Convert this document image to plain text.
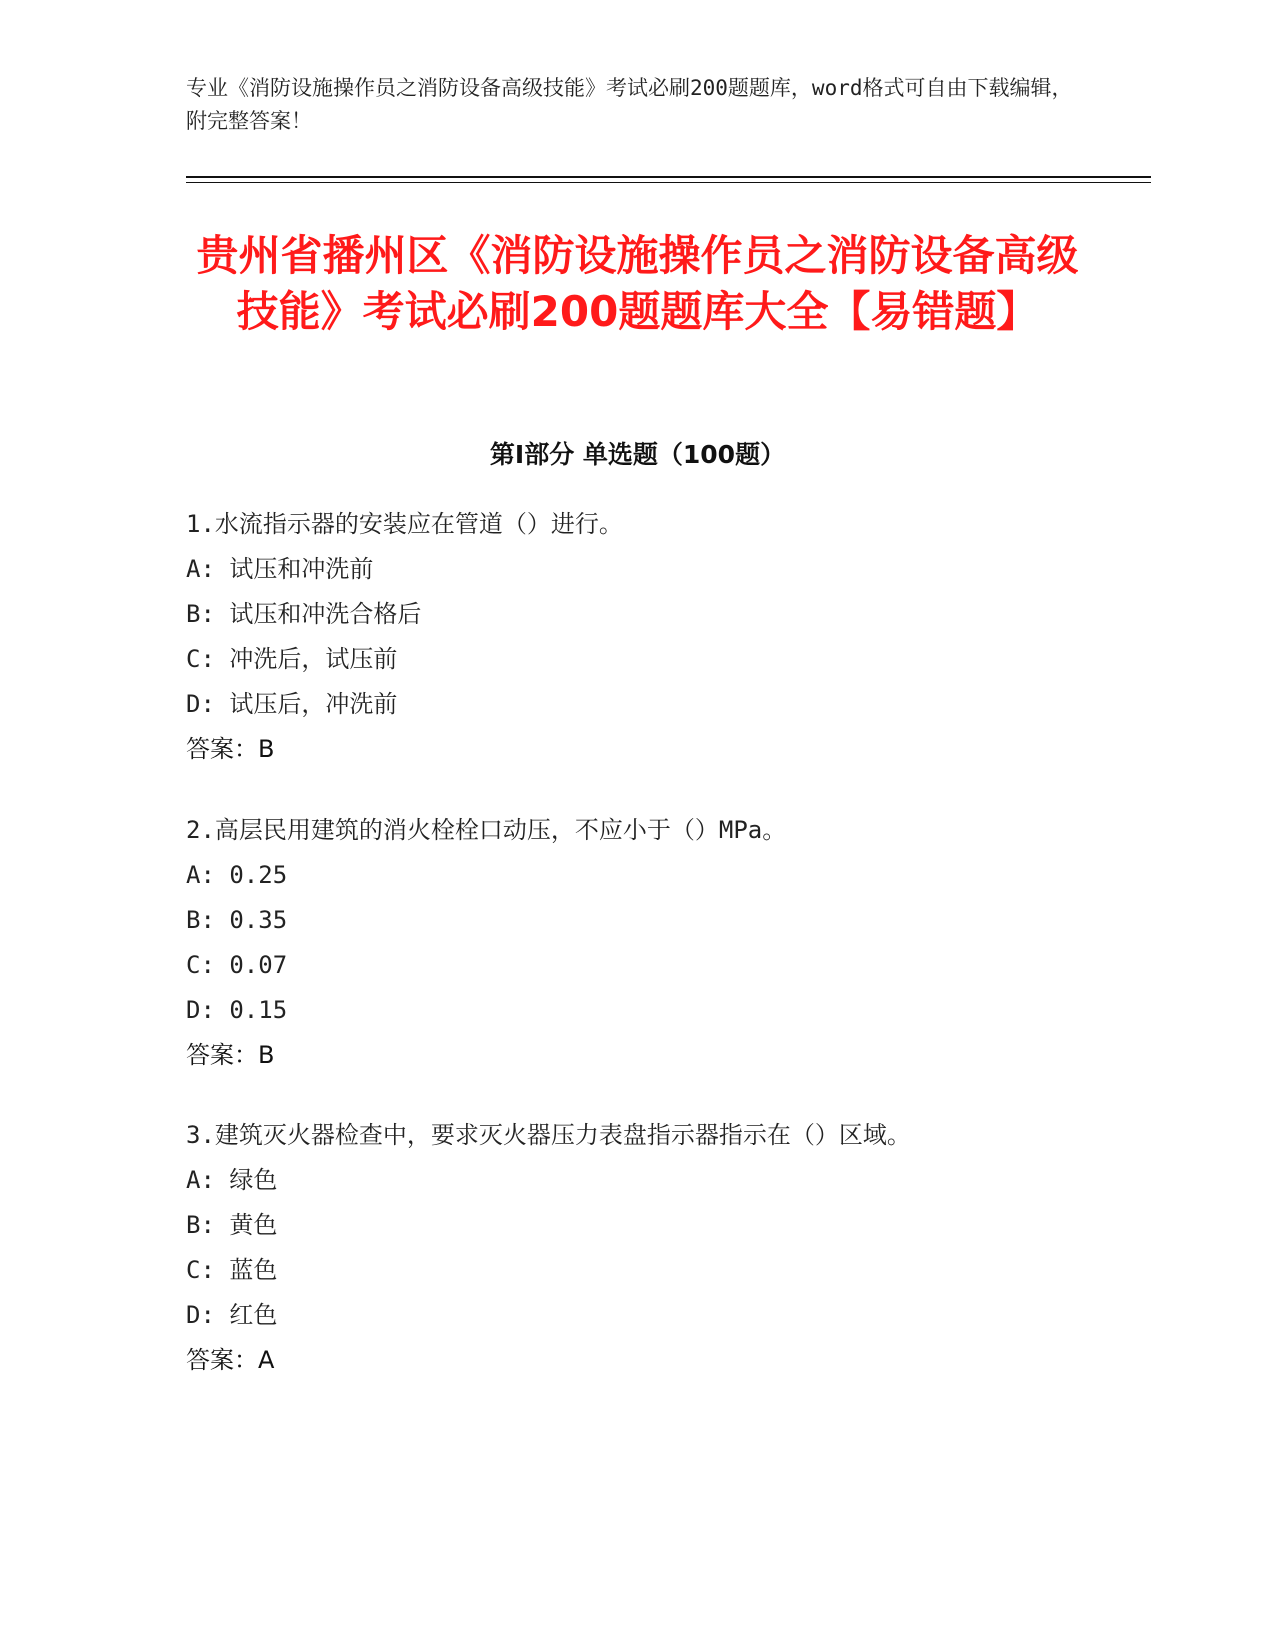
专业《消防设施操作员之消防设备高级技能》考试必刷200题题库，word格式可自由下载编辑，附完整答案！

贵州省播州区《消防设施操作员之消防设备高级技能》考试必刷200题题库大全【易错题】
第Ⅰ部分 单选题（100题）
1.水流指示器的安装应在管道（）进行。
A: 试压和冲洗前
B: 试压和冲洗合格后
C: 冲洗后，试压前
D: 试压后，冲洗前
答案：B
2.高层民用建筑的消火栓栓口动压，不应小于（）MPa。
A: 0.25
B: 0.35
C: 0.07
D: 0.15
答案：B
3.建筑灭火器检查中，要求灭火器压力表盘指示器指示在（）区域。
A: 绿色
B: 黄色
C: 蓝色
D: 红色
答案：A
